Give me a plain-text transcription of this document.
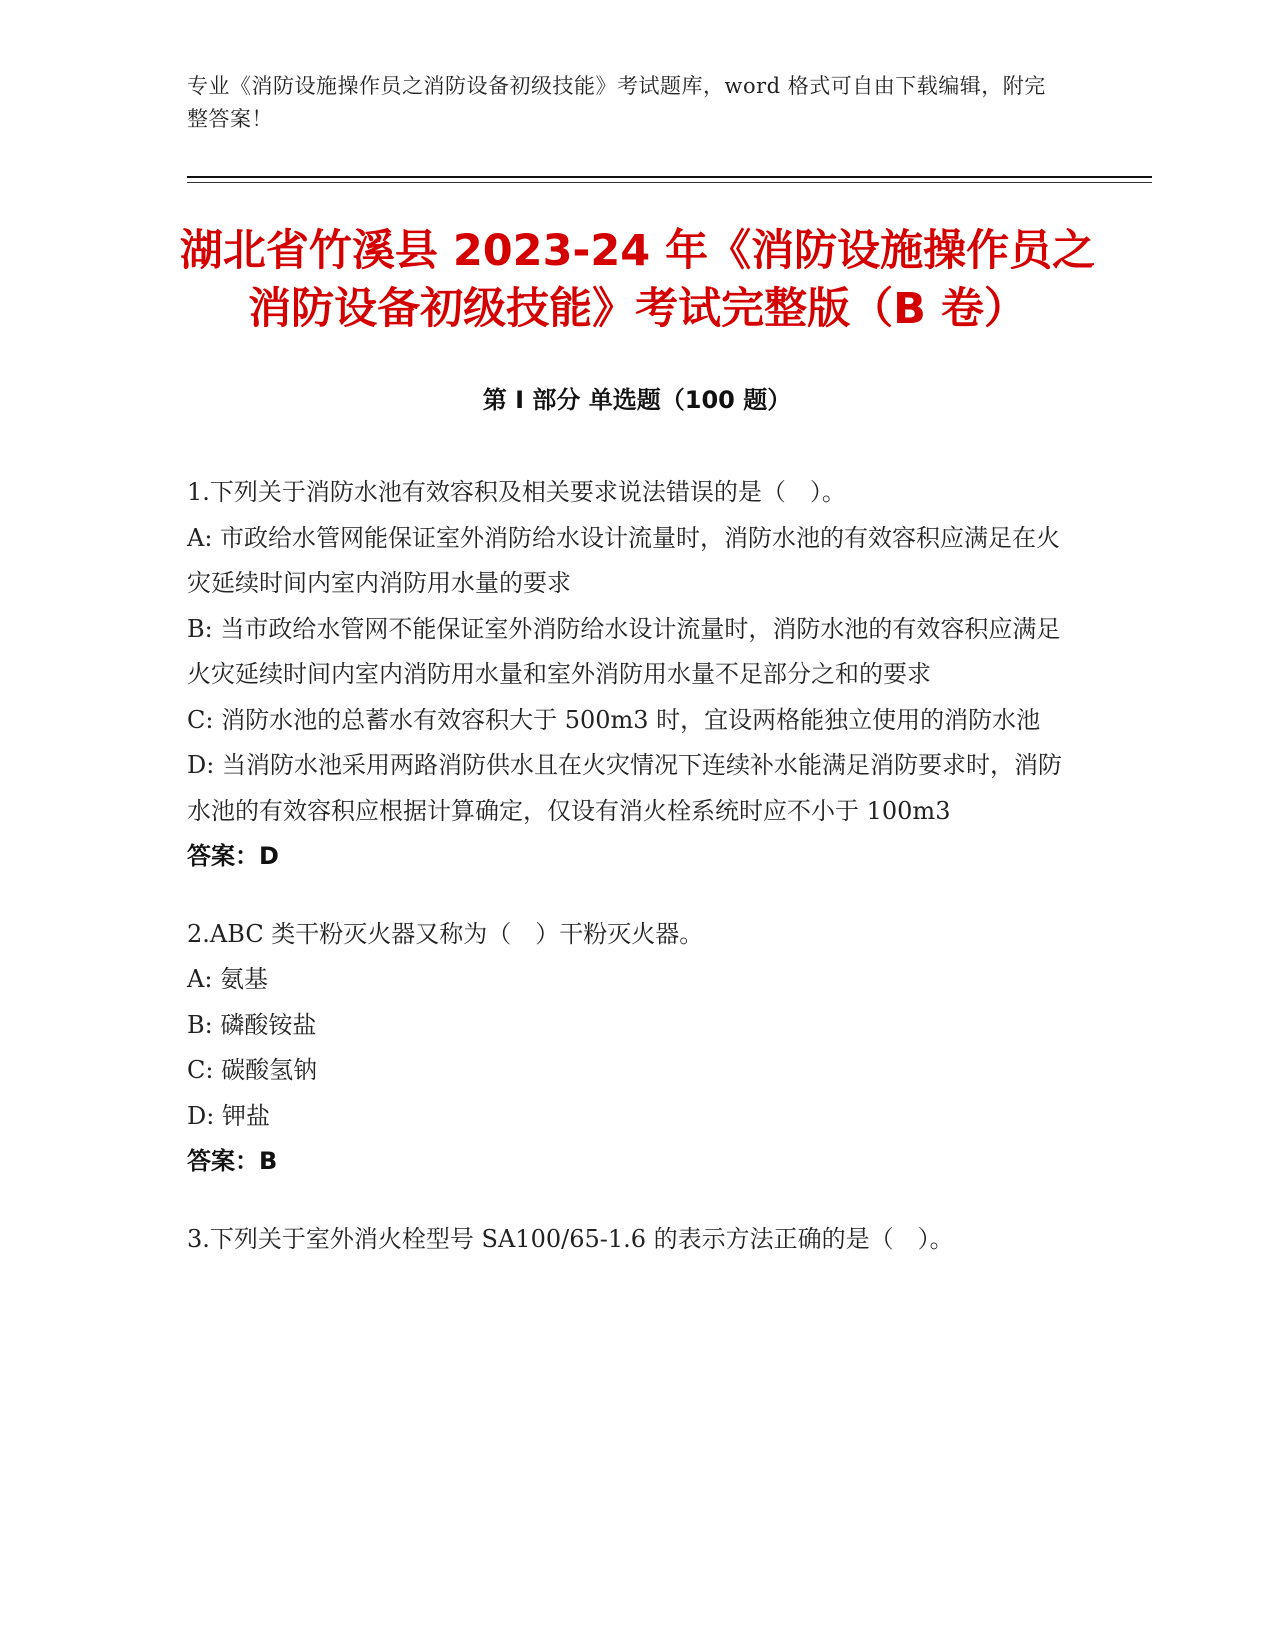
专业《消防设施操作员之消防设备初级技能》考试题库，word 格式可自由下载编辑，附完整答案！
湖北省竹溪县 2023-24 年《消防设施操作员之消防设备初级技能》考试完整版（B 卷）
第 I 部分 单选题（100 题）

1.下列关于消防水池有效容积及相关要求说法错误的是（　）。

A: 市政给水管网能保证室外消防给水设计流量时，消防水池的有效容积应满足在火灾延续时间内室内消防用水量的要求

B: 当市政给水管网不能保证室外消防给水设计流量时，消防水池的有效容积应满足火灾延续时间内室内消防用水量和室外消防用水量不足部分之和的要求

C: 消防水池的总蓄水有效容积大于 500m3 时，宜设两格能独立使用的消防水池

D: 当消防水池采用两路消防供水且在火灾情况下连续补水能满足消防要求时，消防水池的有效容积应根据计算确定，仅设有消火栓系统时应不小于 100m3

答案：D

2.ABC 类干粉灭火器又称为（　）干粉灭火器。

A: 氨基

B: 磷酸铵盐

C: 碳酸氢钠

D: 钾盐

答案：B

3.下列关于室外消火栓型号 SA100/65-1.6 的表示方法正确的是（　）。
